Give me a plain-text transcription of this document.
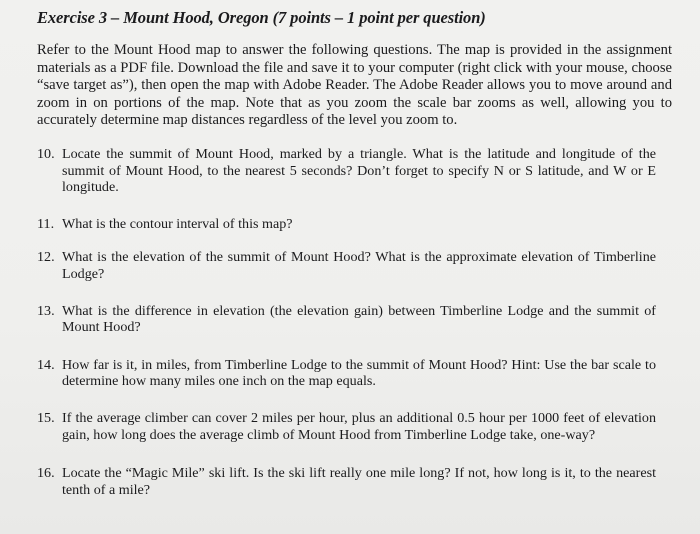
Exercise 3 – Mount Hood, Oregon (7 points – 1 point per question)
Refer to the Mount Hood map to answer the following questions. The map is provided in the assignment materials as a PDF file. Download the file and save it to your computer (right click with your mouse, choose “save target as”), then open the map with Adobe Reader. The Adobe Reader allows you to move around and zoom in on portions of the map. Note that as you zoom the scale bar zooms as well, allowing you to accurately determine map distances regardless of the level you zoom to.
10. Locate the summit of Mount Hood, marked by a triangle. What is the latitude and longitude of the summit of Mount Hood, to the nearest 5 seconds? Don’t forget to specify N or S latitude, and W or E longitude.
11. What is the contour interval of this map?
12. What is the elevation of the summit of Mount Hood? What is the approximate elevation of Timberline Lodge?
13. What is the difference in elevation (the elevation gain) between Timberline Lodge and the summit of Mount Hood?
14. How far is it, in miles, from Timberline Lodge to the summit of Mount Hood? Hint: Use the bar scale to determine how many miles one inch on the map equals.
15. If the average climber can cover 2 miles per hour, plus an additional 0.5 hour per 1000 feet of elevation gain, how long does the average climb of Mount Hood from Timberline Lodge take, one-way?
16. Locate the “Magic Mile” ski lift. Is the ski lift really one mile long? If not, how long is it, to the nearest tenth of a mile?
